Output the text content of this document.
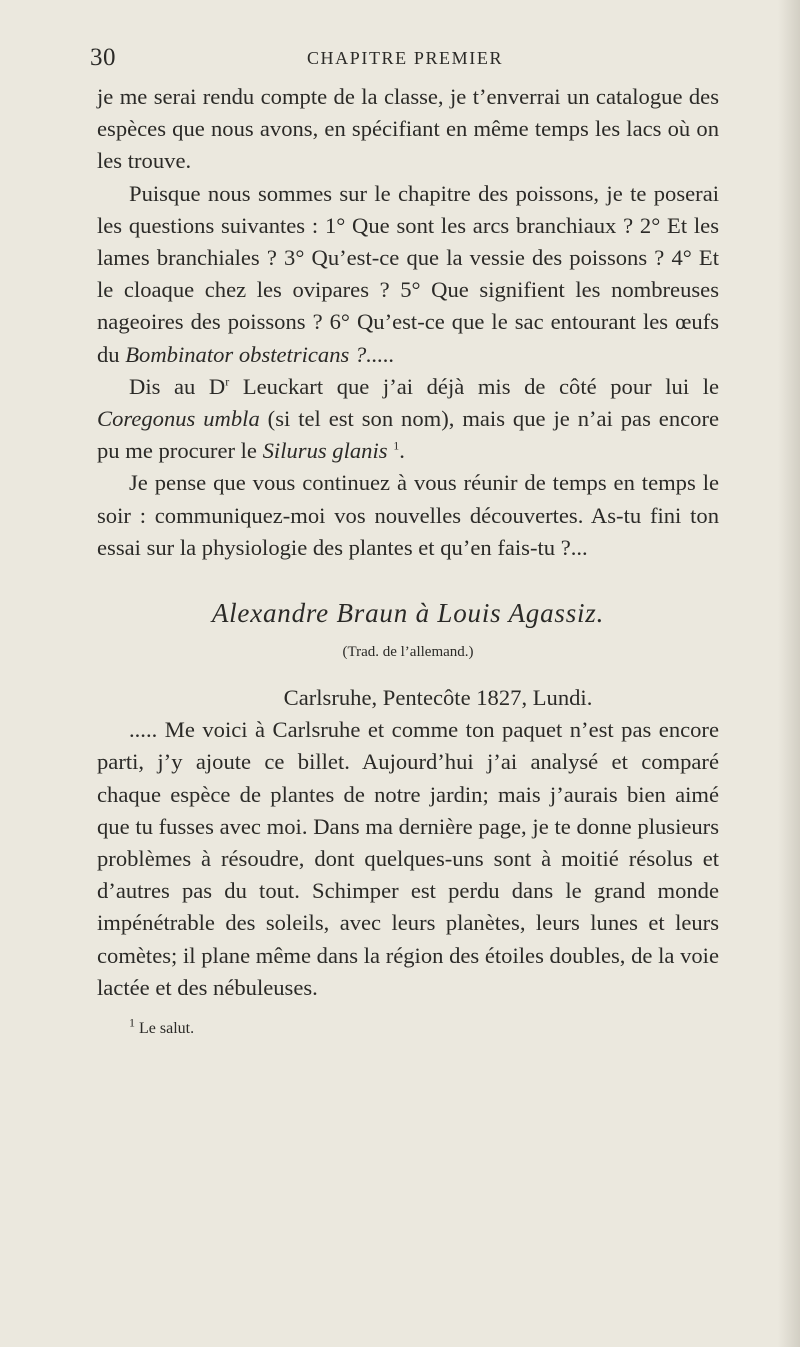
30	CHAPITRE PREMIER

je me serai rendu compte de la classe, je t’enverrai un catalogue des espèces que nous avons, en spécifiant en même temps les lacs où on les trouve.

Puisque nous sommes sur le chapitre des poissons, je te poserai les questions suivantes : 1° Que sont les arcs branchiaux ? 2° Et les lames branchiales ? 3° Qu’est-ce que la vessie des poissons ? 4° Et le cloaque chez les ovipares ? 5° Que signifient les nombreuses nageoires des poissons ? 6° Qu’est-ce que le sac entourant les œufs du Bombinator obstetricans ?.....

Dis au $D^r$ Leuckart que j’ai déjà mis de côté pour lui le Coregonus umbla (si tel est son nom), mais que je n’ai pas encore pu me procurer le Silurus glanis $^1$.

Je pense que vous continuez à vous réunir de temps en temps le soir : communiquez-moi vos nouvelles découvertes. As-tu fini ton essai sur la physiologie des plantes et qu’en fais-tu ?...

Alexandre Braun à Louis Agassiz.

(Trad. de l’allemand.)

Carlsruhe, Pentecôte 1827, Lundi.

..... Me voici à Carlsruhe et comme ton paquet n’est pas encore parti, j’y ajoute ce billet. Aujourd’hui j’ai analysé et comparé chaque espèce de plantes de notre jardin; mais j’aurais bien aimé que tu fusses avec moi. Dans ma dernière page, je te donne plusieurs problèmes à résoudre, dont quelques-uns sont à moitié résolus et d’autres pas du tout. Schimper est perdu dans le grand monde impénétrable des soleils, avec leurs planètes, leurs lunes et leurs comètes; il plane même dans la région des étoiles doubles, de la voie lactée et des nébuleuses.

$^1$ Le salut.
